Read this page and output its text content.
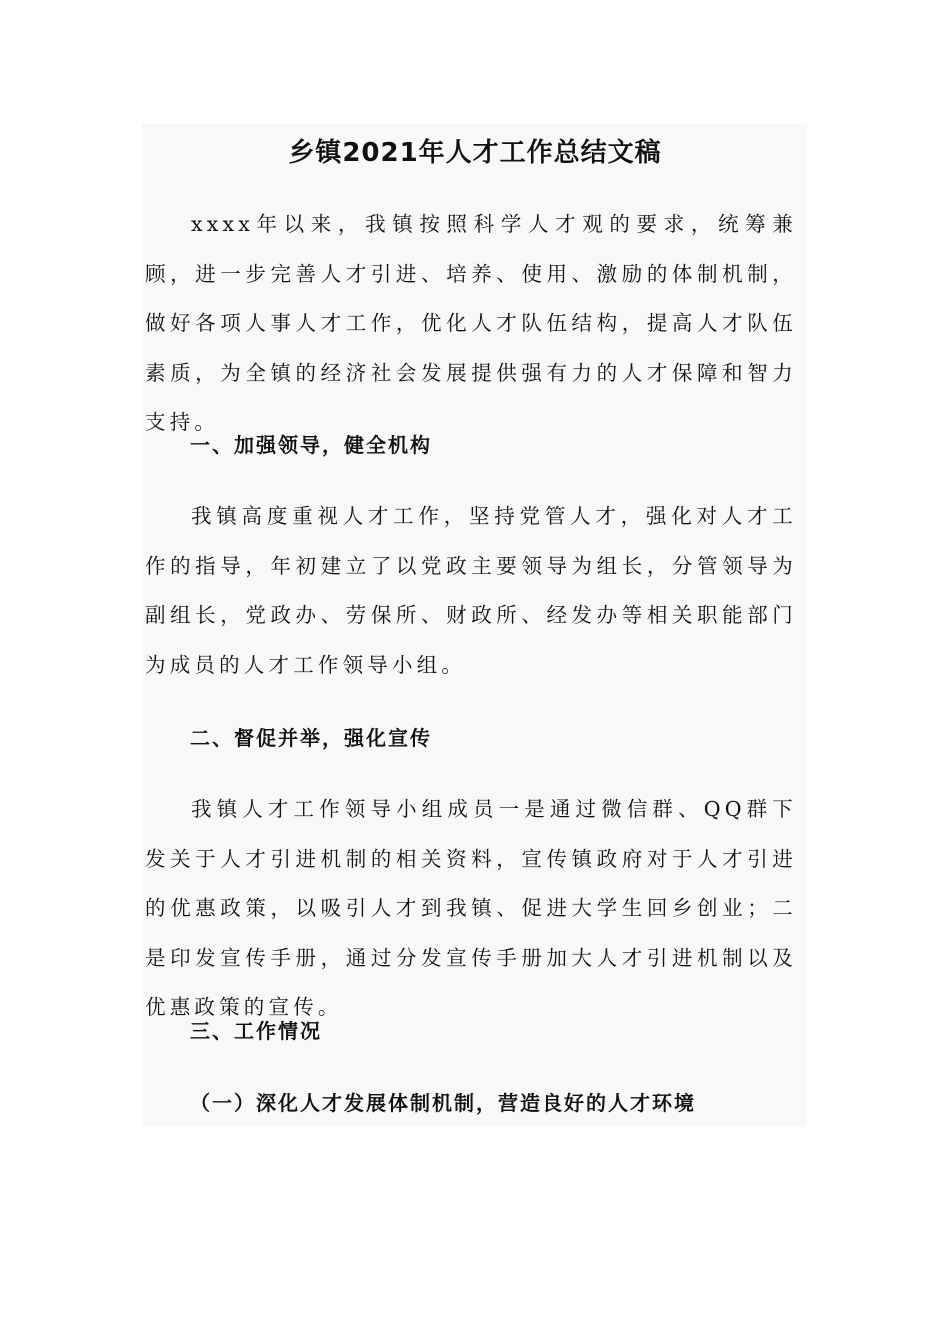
乡镇2021年人才工作总结文稿

xxxx年以来，我镇按照科学人才观的要求，统筹兼顾，进一步完善人才引进、培养、使用、激励的体制机制，做好各项人事人才工作，优化人才队伍结构，提高人才队伍素质，为全镇的经济社会发展提供强有力的人才保障和智力支持。

一、加强领导，健全机构

我镇高度重视人才工作，坚持党管人才，强化对人才工作的指导，年初建立了以党政主要领导为组长，分管领导为副组长，党政办、劳保所、财政所、经发办等相关职能部门为成员的人才工作领导小组。

二、督促并举，强化宣传

我镇人才工作领导小组成员一是通过微信群、QQ群下发关于人才引进机制的相关资料，宣传镇政府对于人才引进的优惠政策，以吸引人才到我镇、促进大学生回乡创业；二是印发宣传手册，通过分发宣传手册加大人才引进机制以及优惠政策的宣传。

三、工作情况
（一）深化人才发展体制机制，营造良好的人才环境
